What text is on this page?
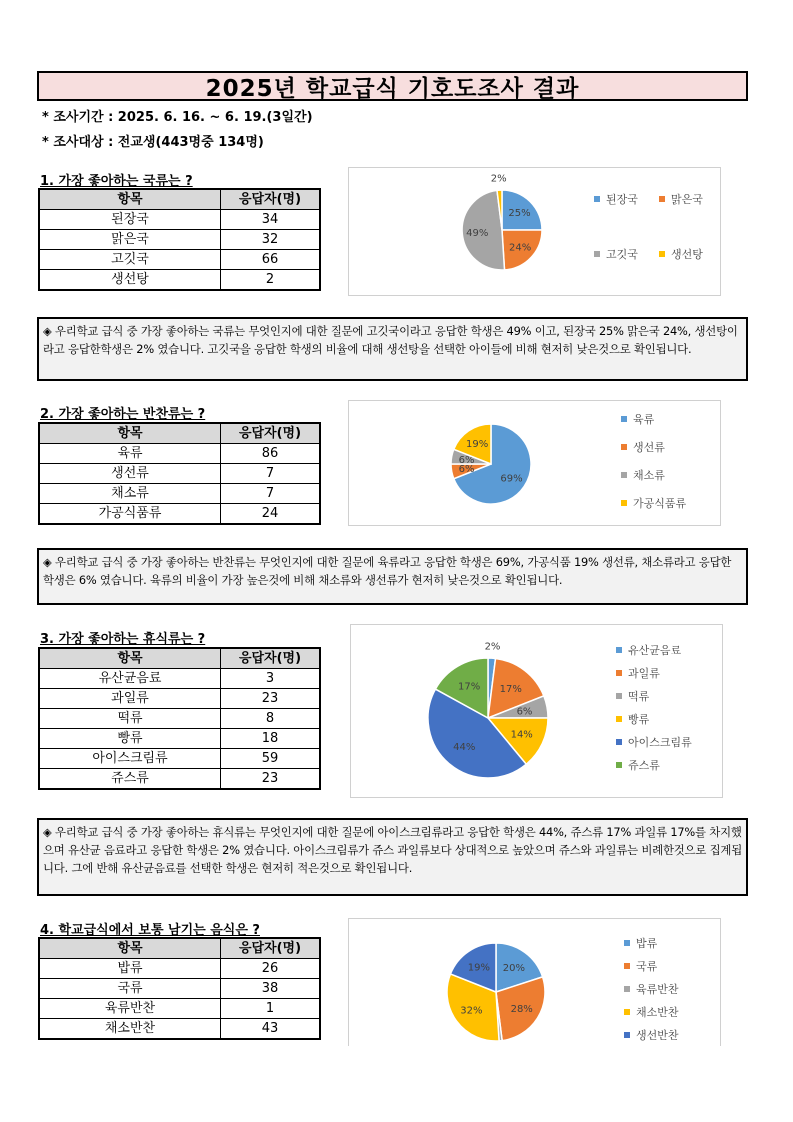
2025년 학교급식 기호도조사 결과
* 조사기간 : 2025. 6. 16. ~ 6. 19.(3일간)
* 조사대상 : 전교생(443명중 134명)
1. 가장 좋아하는 국류는 ?
항목	응답자(명)
된장국	34
맑은국	32
고깃국	66
생선탕	2
25%
24%
49%
2%
된장국	맑은국
고깃국	생선탕
◈ 우리학교 급식 중 가장 좋아하는 국류는 무엇인지에 대한 질문에 고깃국이라고 응답한 학생은 49% 이고, 된장국 25% 맑은국 24%, 생선탕이라고 응답한학생은 2% 였습니다. 고깃국을 응답한 학생의 비율에 대해 생선탕을 선택한 아이들에 비해 현저히 낮은것으로 확인됩니다.
2. 가장 좋아하는 반찬류는 ?
항목	응답자(명)
육류	86
생선류	7
채소류	7
가공식품류	24
69%
6%
6%
19%
육류
생선류
채소류
가공식품류
◈ 우리학교 급식 중 가장 좋아하는 반찬류는 무엇인지에 대한 질문에 육류라고 응답한 학생은 69%, 가공식품 19% 생선류, 채소류라고 응답한 학생은 6% 였습니다. 육류의 비율이 가장 높은것에 비해 채소류와 생선류가 현저히 낮은것으로 확인됩니다.
3. 가장 좋아하는 휴식류는 ?
항목	응답자(명)
유산균음료	3
과일류	23
떡류	8
빵류	18
아이스크림류	59
쥬스류	23
2%
17%
6%
14%
44%
17%
유산균음료
과일류
떡류
빵류
아이스크림류
쥬스류
◈ 우리학교 급식 중 가장 좋아하는 휴식류는 무엇인지에 대한 질문에 아이스크림류라고 응답한 학생은 44%, 쥬스류 17% 과일류 17%를 차지했으며 유산균 음료라고 응답한 학생은 2% 였습니다. 아이스크림류가 쥬스 과일류보다 상대적으로 높았으며 쥬스와 과일류는 비례한것으로 집계됩니다. 그에 반해 유산균음료를 선택한 학생은 현저히 적은것으로 확인됩니다.
4. 학교급식에서 보통 남기는 음식은 ?
항목	응답자(명)
밥류	26
국류	38
육류반찬	1
채소반찬	43
20%
28%
32%
19%
밥류
국류
육류반찬
채소반찬
생선반찬
